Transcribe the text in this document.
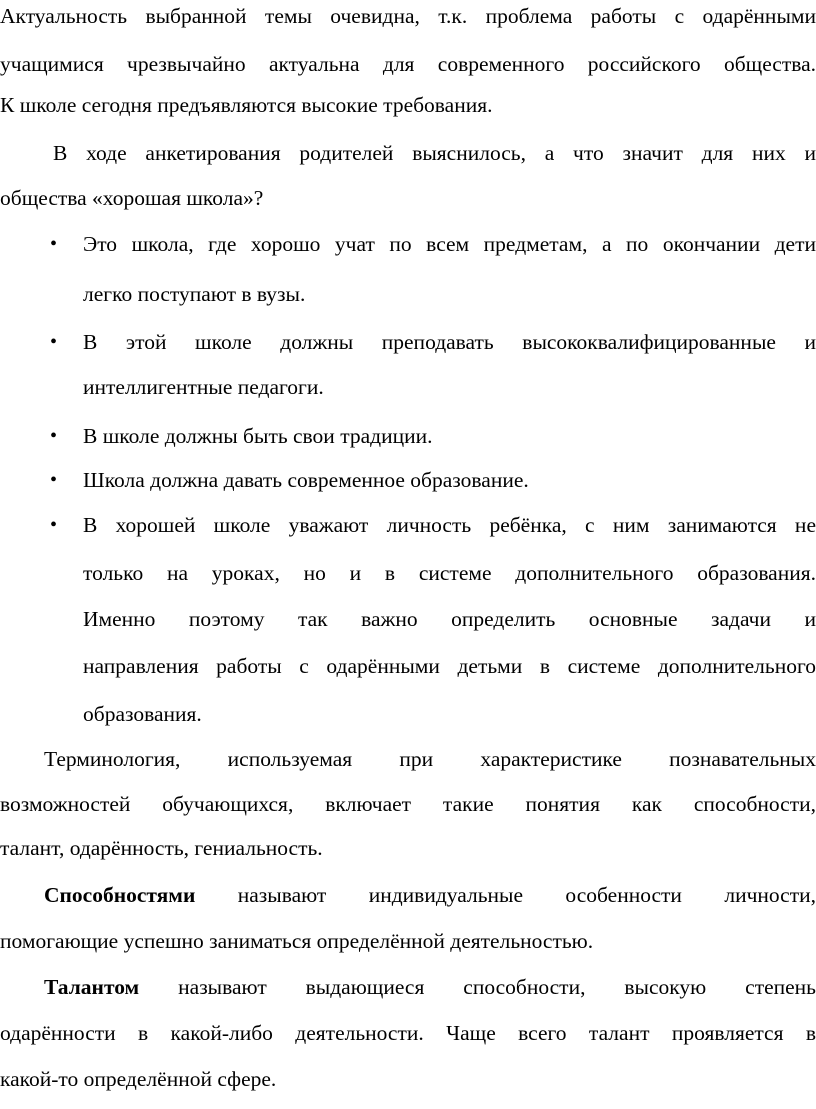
Актуальность выбранной темы очевидна, т.к. проблема работы с одарёнными
учащимися чрезвычайно актуальна для современного российского общества.
К школе сегодня предъявляются высокие требования.
В ходе анкетирования родителей выяснилось, а что значит для них и
общества «хорошая школа»?
•	Это школа, где хорошо учат по всем предметам, а по окончании дети
легко поступают в вузы.
•	В этой школе должны преподавать высококвалифицированные и
интеллигентные педагоги.
•	В школе должны быть свои традиции.
•	Школа должна давать современное образование.
•	В хорошей школе уважают личность ребёнка, с ним занимаются не
только на уроках, но и в системе дополнительного образования.
Именно поэтому так важно определить основные задачи и
направления работы с одарёнными детьми в системе дополнительного
образования.
Терминология, используемая при характеристике познавательных
возможностей обучающихся, включает такие понятия как способности,
талант, одарённость, гениальность.
Способностями называют индивидуальные особенности личности,
помогающие успешно заниматься определённой деятельностью.
Талантом называют выдающиеся способности, высокую степень
одарённости в какой-либо деятельности. Чаще всего талант проявляется в
какой-то определённой сфере.
